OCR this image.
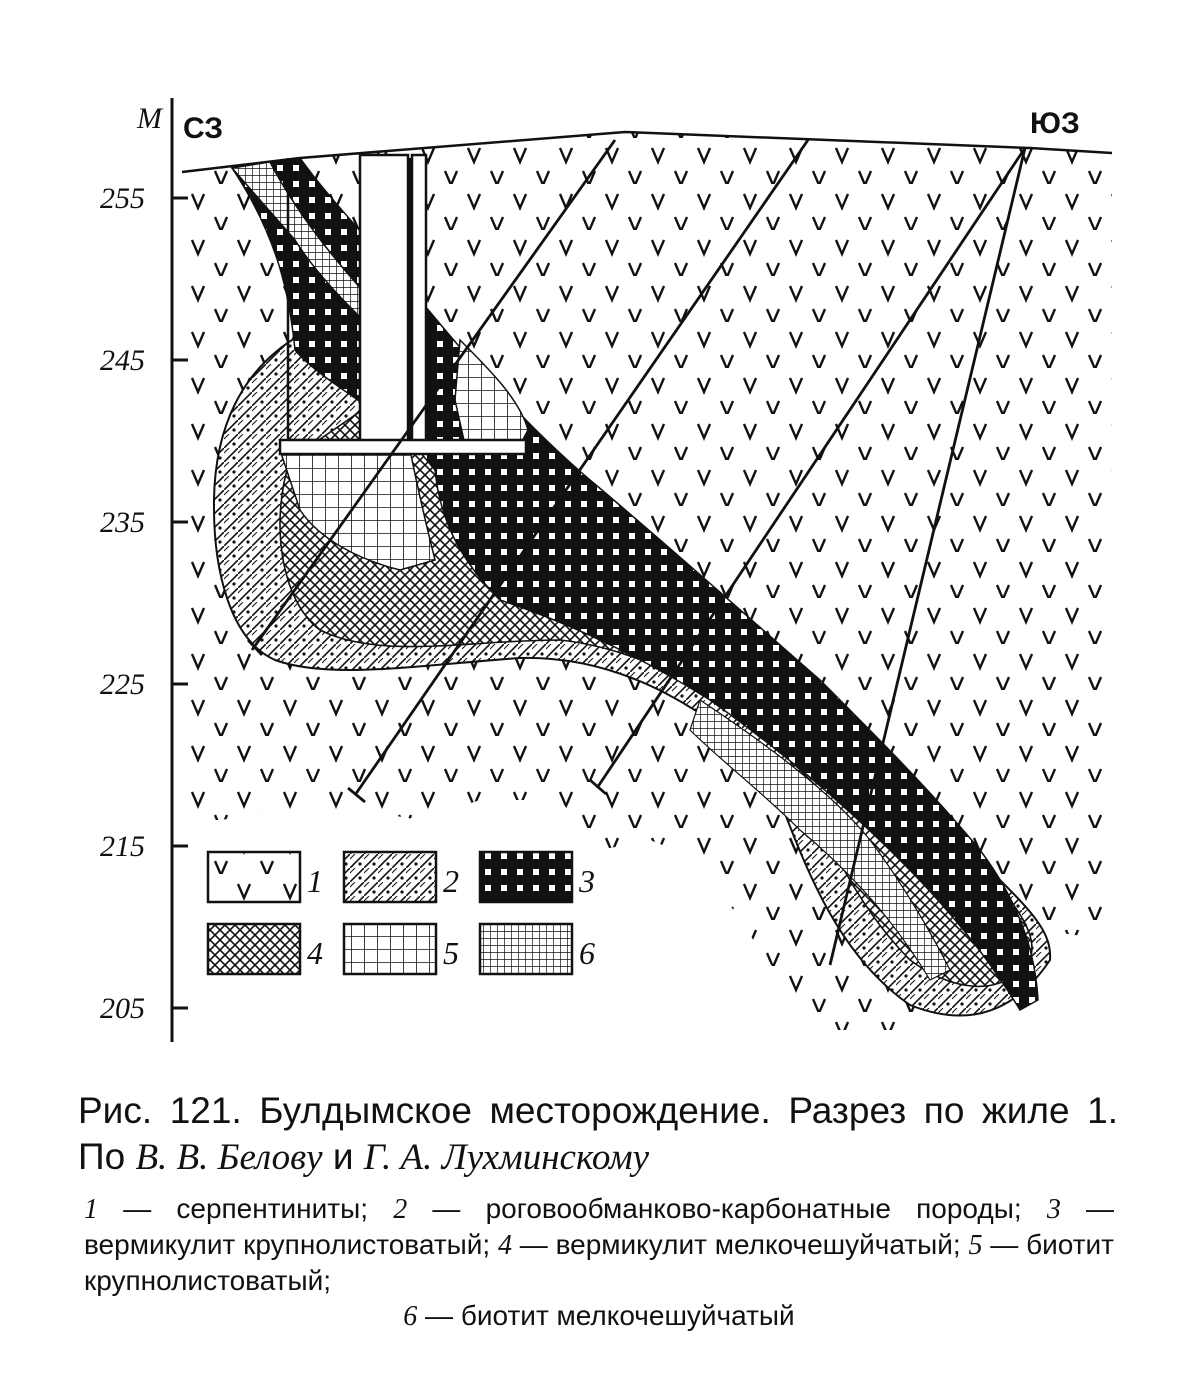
М
255
245
235
225
215
205
СЗ	ЮЗ
1	2	3
4	5	6

Рис. 121. Булдымское месторождение. Разрез по жиле 1. По В. В. Белову и Г. А. Лухминскому

1 — серпентиниты; 2 — роговообманково-карбонатные породы; 3 — вермикулит крупнолистоватый; 4 — вермикулит мелкочешуйчатый; 5 — биотит крупнолистоватый;
6 — биотит мелкочешуйчатый
